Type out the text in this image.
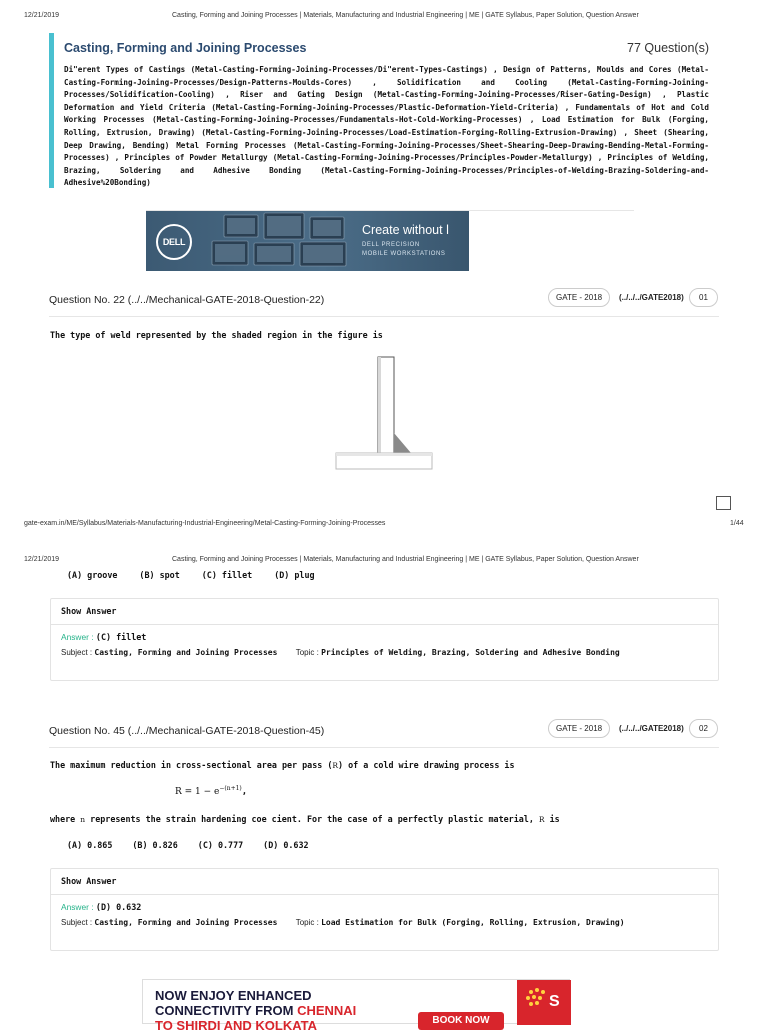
12/21/2019	Casting, Forming and Joining Processes | Materials, Manufacturing and Industrial Engineering | ME | GATE Syllabus, Paper Solution, Question Answer
Casting, Forming and Joining Processes	77 Question(s)
Di"erent Types of Castings (Metal-Casting-Forming-Joining-Processes/Di"erent-Types-Castings) , Design of Patterns, Moulds and Cores (Metal-Casting-Forming-Joining-Processes/Design-Patterns-Moulds-Cores) , Solidification and Cooling (Metal-Casting-Forming-Joining-Processes/Solidification-Cooling) , Riser and Gating Design (Metal-Casting-Forming-Joining-Processes/Riser-Gating-Design) , Plastic Deformation and Yield Criteria (Metal-Casting-Forming-Joining-Processes/Plastic-Deformation-Yield-Criteria) , Fundamentals of Hot and Cold Working Processes (Metal-Casting-Forming-Joining-Processes/Fundamentals-Hot-Cold-Working-Processes) , Load Estimation for Bulk (Forging, Rolling, Extrusion, Drawing) (Metal-Casting-Forming-Joining-Processes/Load-Estimation-Forging-Rolling-Extrusion-Drawing) , Sheet (Shearing, Deep Drawing, Bending) Metal Forming Processes (Metal-Casting-Forming-Joining-Processes/Sheet-Shearing-Deep-Drawing-Bending-Metal-Forming-Processes) , Principles of Powder Metallurgy (Metal-Casting-Forming-Joining-Processes/Principles-Powder-Metallurgy) , Principles of Welding, Brazing, Soldering and Adhesive Bonding (Metal-Casting-Forming-Joining-Processes/Principles-of-Welding-Brazing-Soldering-and-Adhesive%20Bonding)
DELL
Create without l
DELL PRECISION
MOBILE WORKSTATIONS
Question No. 22 (../../Mechanical-GATE-2018-Question-22)	GATE - 2018	(../../../GATE2018)	01
The type of weld represented by the shaded region in the figure is
gate-exam.in/ME/Syllabus/Materials-Manufacturing-Industrial-Engineering/Metal-Casting-Forming-Joining-Processes	1/44
12/21/2019	Casting, Forming and Joining Processes | Materials, Manufacturing and Industrial Engineering | ME | GATE Syllabus, Paper Solution, Question Answer
(A) groove	(B) spot	(C) fillet	(D) plug
Show Answer
Answer : (C) fillet
Subject : Casting, Forming and Joining Processes Topic : Principles of Welding, Brazing, Soldering and Adhesive Bonding
Question No. 45 (../../Mechanical-GATE-2018-Question-45)	GATE - 2018	(../../../GATE2018)	02
The maximum reduction in cross-sectional area per pass (R) of a cold wire drawing process is
$R = 1 - e^{-(n+1)}$,
where n represents the strain hardening coe cient. For the case of a perfectly plastic material, R is
(A) 0.865 (B) 0.826 (C) 0.777 (D) 0.632
Show Answer
Answer : (D) 0.632
Subject : Casting, Forming and Joining Processes Topic : Load Estimation for Bulk (Forging, Rolling, Extrusion, Drawing)
NOW ENJOY ENHANCED
CONNECTIVITY FROM CHENNAI
TO SHIRDI AND KOLKATA	BOOK NOW
S
